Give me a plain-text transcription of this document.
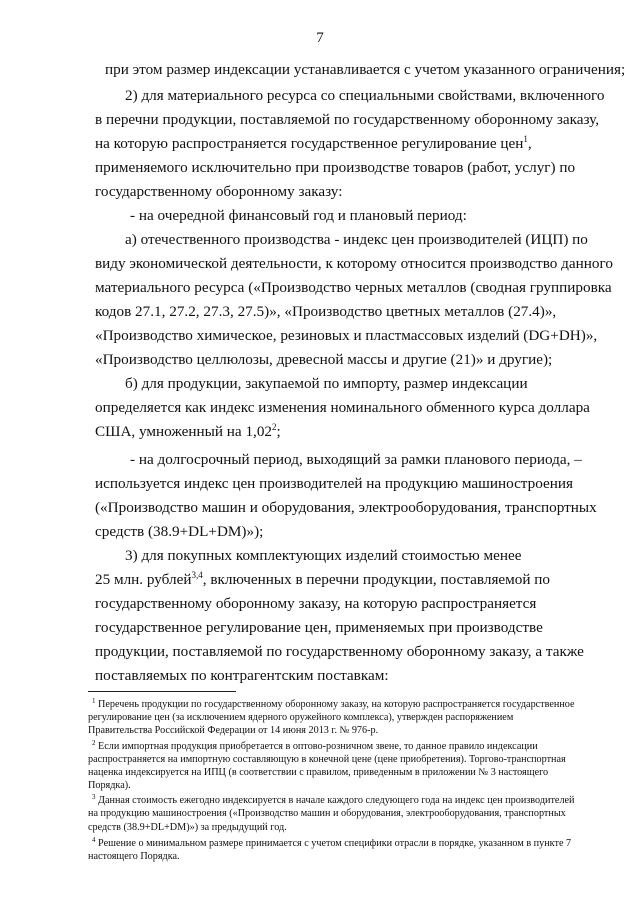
7
при этом размер индексации устанавливается с учетом указанного ограничения;
2) для материального ресурса со специальными свойствами, включенного
в перечни продукции, поставляемой по государственному оборонному заказу,
на которую распространяется государственное регулирование цен$^1$,
применяемого исключительно при производстве товаров (работ, услуг) по
государственному оборонному заказу:
- на очередной финансовый год и плановый период:
а) отечественного производства - индекс цен производителей (ИЦП) по
виду экономической деятельности, к которому относится производство данного
материального ресурса («Производство черных металлов (сводная группировка
кодов 27.1, 27.2, 27.3, 27.5)», «Производство цветных металлов (27.4)»,
«Производство химическое, резиновых и пластмассовых изделий (DG+DH)»,
«Производство целлюлозы, древесной массы и другие (21)» и другие);
б) для продукции, закупаемой по импорту, размер индексации
определяется как индекс изменения номинального обменного курса доллара
США, умноженный на 1,02$^2$;
- на долгосрочный период, выходящий за рамки планового периода, –
используется индекс цен производителей на продукцию машиностроения
(«Производство машин и оборудования, электрооборудования, транспортных
средств (38.9+DL+DM)»);
3) для покупных комплектующих изделий стоимостью менее
25 млн. рублей$^{3,4}$, включенных в перечни продукции, поставляемой по
государственному оборонному заказу, на которую распространяется
государственное регулирование цен, применяемых при производстве
продукции, поставляемой по государственному оборонному заказу, а также
поставляемых по контрагентским поставкам:
$^1$ Перечень продукции по государственному оборонному заказу, на которую распространяется государственное
регулирование цен (за исключением ядерного оружейного комплекса), утвержден распоряжением
Правительства Российской Федерации от 14 июня 2013 г. № 976-р.
$^2$ Если импортная продукция приобретается в оптово-розничном звене, то данное правило индексации
распространяется на импортную составляющую в конечной цене (цене приобретения). Торгово-транспортная
наценка индексируется на ИПЦ (в соответствии с правилом, приведенным в приложении № 3 настоящего
Порядка).
$^3$ Данная стоимость ежегодно индексируется в начале каждого следующего года на индекс цен производителей
на продукцию машиностроения («Производство машин и оборудования, электрооборудования, транспортных
средств (38.9+DL+DM)») за предыдущий год.
$^4$ Решение о минимальном размере принимается с учетом специфики отрасли в порядке, указанном в пункте 7
настоящего Порядка.
